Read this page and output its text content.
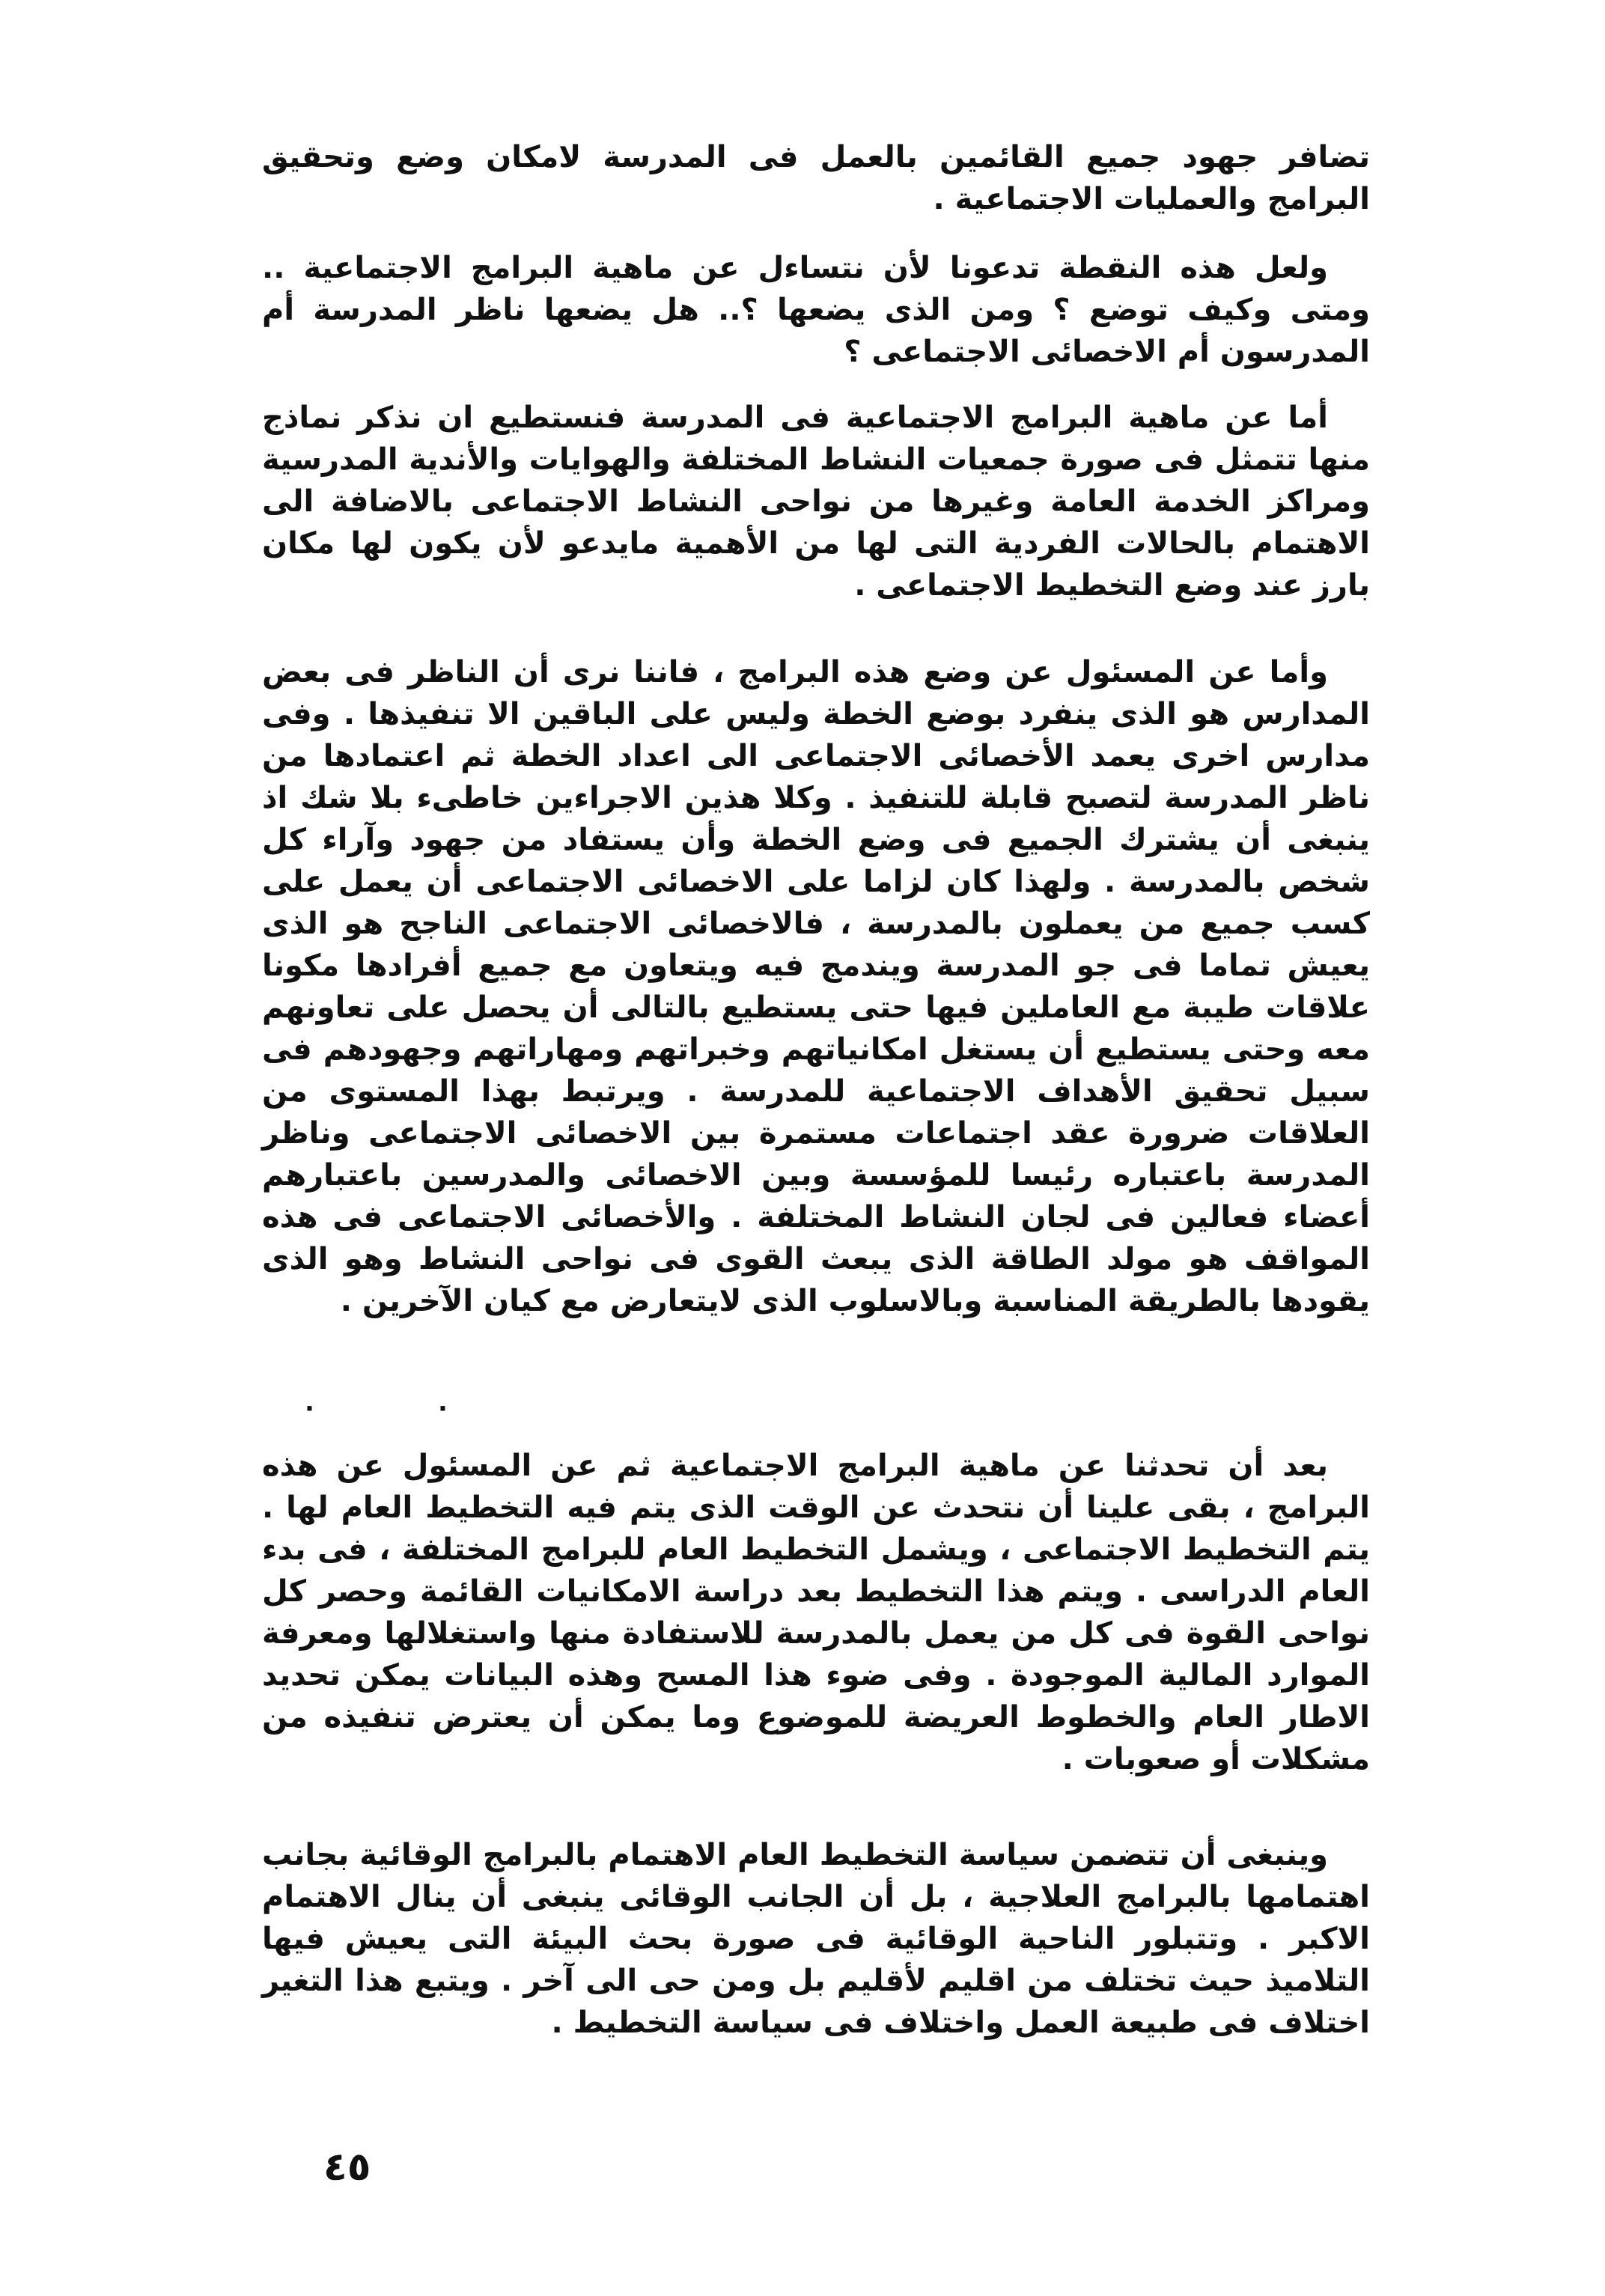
تضافر جهود جميع القائمين بالعمل فى المدرسة لامكان وضع وتحقيق البرامج والعمليات الاجتماعية .

ولعل هذه النقطة تدعونا لأن نتساءل عن ماهية البرامج الاجتماعية .. ومتى وكيف توضع ؟ ومن الذى يضعها ؟.. هل يضعها ناظر المدرسة أم المدرسون أم الاخصائى الاجتماعى ؟

أما عن ماهية البرامج الاجتماعية فى المدرسة فنستطيع ان نذكر نماذج منها تتمثل فى صورة جمعيات النشاط المختلفة والهوايات والأندية المدرسية ومراكز الخدمة العامة وغيرها من نواحى النشاط الاجتماعى بالاضافة الى الاهتمام بالحالات الفردية التى لها من الأهمية مايدعو لأن يكون لها مكان بارز عند وضع التخطيط الاجتماعى .

وأما عن المسئول عن وضع هذه البرامج ، فاننا نرى أن الناظر فى بعض المدارس هو الذى ينفرد بوضع الخطة وليس على الباقين الا تنفيذها . وفى مدارس اخرى يعمد الأخصائى الاجتماعى الى اعداد الخطة ثم اعتمادها من ناظر المدرسة لتصبح قابلة للتنفيذ . وكلا هذين الاجراءين خاطىء بلا شك اذ ينبغى أن يشترك الجميع فى وضع الخطة وأن يستفاد من جهود وآراء كل شخص بالمدرسة . ولهذا كان لزاما على الاخصائى الاجتماعى أن يعمل على كسب جميع من يعملون بالمدرسة ، فالاخصائى الاجتماعى الناجح هو الذى يعيش تماما فى جو المدرسة ويندمج فيه ويتعاون مع جميع أفرادها مكونا علاقات طيبة مع العاملين فيها حتى يستطيع بالتالى أن يحصل على تعاونهم معه وحتى يستطيع أن يستغل امكانياتهم وخبراتهم ومهاراتهم وجهودهم فى سبيل تحقيق الأهداف الاجتماعية للمدرسة . ويرتبط بهذا المستوى من العلاقات ضرورة عقد اجتماعات مستمرة بين الاخصائى الاجتماعى وناظر المدرسة باعتباره رئيسا للمؤسسة وبين الاخصائى والمدرسين باعتبارهم أعضاء فعالين فى لجان النشاط المختلفة . والأخصائى الاجتماعى فى هذه المواقف هو مولد الطاقة الذى يبعث القوى فى نواحى النشاط وهو الذى يقودها بالطريقة المناسبة وبالاسلوب الذى لايتعارض مع كيان الآخرين .

·	·

بعد أن تحدثنا عن ماهية البرامج الاجتماعية ثم عن المسئول عن هذه البرامج ، بقى علينا أن نتحدث عن الوقت الذى يتم فيه التخطيط العام لها . يتم التخطيط الاجتماعى ، ويشمل التخطيط العام للبرامج المختلفة ، فى بدء العام الدراسى . ويتم هذا التخطيط بعد دراسة الامكانيات القائمة وحصر كل نواحى القوة فى كل من يعمل بالمدرسة للاستفادة منها واستغلالها ومعرفة الموارد المالية الموجودة . وفى ضوء هذا المسح وهذه البيانات يمكن تحديد الاطار العام والخطوط العريضة للموضوع وما يمكن أن يعترض تنفيذه من مشكلات أو صعوبات .

وينبغى أن تتضمن سياسة التخطيط العام الاهتمام بالبرامج الوقائية بجانب اهتمامها بالبرامج العلاجية ، بل أن الجانب الوقائى ينبغى أن ينال الاهتمام الاكبر . وتتبلور الناحية الوقائية فى صورة بحث البيئة التى يعيش فيها التلاميذ حيث تختلف من اقليم لأقليم بل ومن حى الى آخر . ويتبع هذا التغير اختلاف فى طبيعة العمل واختلاف فى سياسة التخطيط .

٤٥
